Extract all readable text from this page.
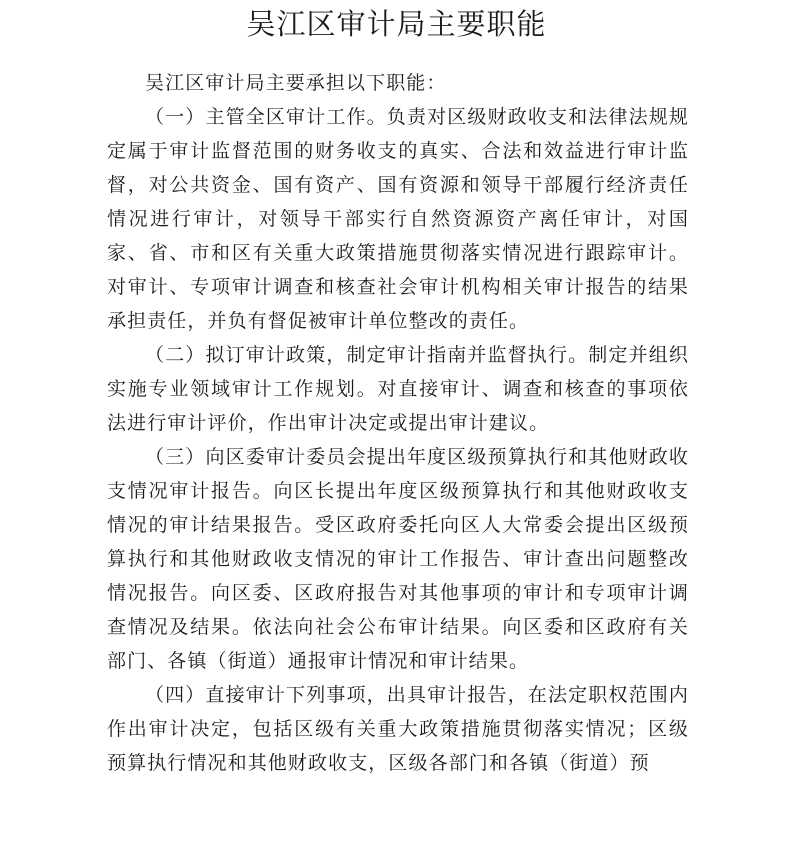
吴江区审计局主要职能

吴江区审计局主要承担以下职能：

（一）主管全区审计工作。负责对区级财政收支和法律法规规定属于审计监督范围的财务收支的真实、合法和效益进行审计监督，对公共资金、国有资产、国有资源和领导干部履行经济责任情况进行审计，对领导干部实行自然资源资产离任审计，对国家、省、市和区有关重大政策措施贯彻落实情况进行跟踪审计。对审计、专项审计调查和核查社会审计机构相关审计报告的结果承担责任，并负有督促被审计单位整改的责任。

（二）拟订审计政策，制定审计指南并监督执行。制定并组织实施专业领域审计工作规划。对直接审计、调查和核查的事项依法进行审计评价，作出审计决定或提出审计建议。

（三）向区委审计委员会提出年度区级预算执行和其他财政收支情况审计报告。向区长提出年度区级预算执行和其他财政收支情况的审计结果报告。受区政府委托向区人大常委会提出区级预算执行和其他财政收支情况的审计工作报告、审计查出问题整改情况报告。向区委、区政府报告对其他事项的审计和专项审计调查情况及结果。依法向社会公布审计结果。向区委和区政府有关部门、各镇（街道）通报审计情况和审计结果。

（四）直接审计下列事项，出具审计报告，在法定职权范围内作出审计决定，包括区级有关重大政策措施贯彻落实情况；区级预算执行情况和其他财政收支，区级各部门和各镇（街道）预
